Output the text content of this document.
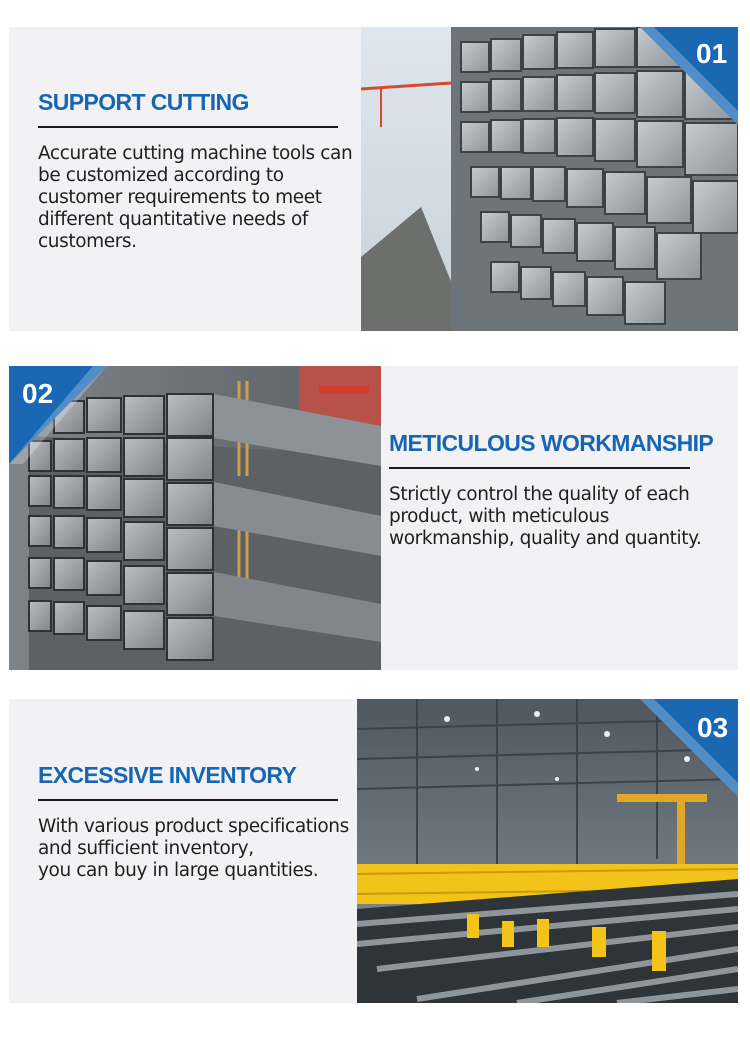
SUPPORT CUTTING
Accurate cutting machine tools can
be customized according to
customer requirements to meet
different quantitative needs of
customers.
01
02
METICULOUS WORKMANSHIP
Strictly control the quality of each
product, with meticulous
workmanship, quality and quantity.
EXCESSIVE INVENTORY
With various product specifications
and sufficient inventory,
you can buy in large quantities.
03
